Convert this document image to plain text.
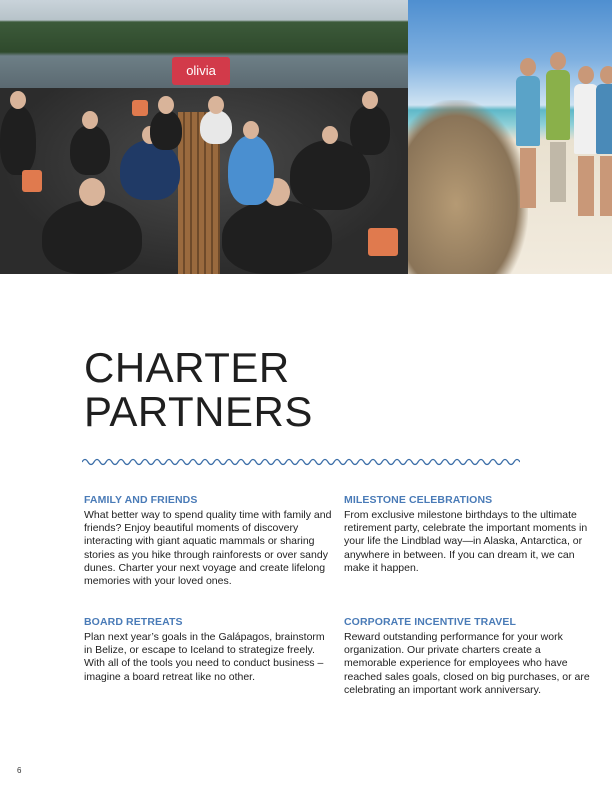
olivia
CHARTER
PARTNERS
FAMILY AND FRIENDS

What better way to spend quality time with family and friends? Enjoy beautiful moments of discovery interacting with giant aquatic mammals or sharing stories as you hike through rainforests or over sandy dunes. Charter your next voyage and create lifelong memories with your loved ones.

MILESTONE CELEBRATIONS

From exclusive milestone birthdays to the ultimate retirement party, celebrate the important moments in your life the Lindblad way—in Alaska, Antarctica, or anywhere in between. If you can dream it, we can make it happen.

BOARD RETREATS

Plan next year’s goals in the Galápagos, brainstorm in Belize, or escape to Iceland to strategize freely. With all of the tools you need to conduct business – imagine a board retreat like no other.

CORPORATE INCENTIVE TRAVEL

Reward outstanding performance for your work organization. Our private charters create a memorable experience for employees who have reached sales goals, closed on big purchases, or are celebrating an important work anniversary.

6
